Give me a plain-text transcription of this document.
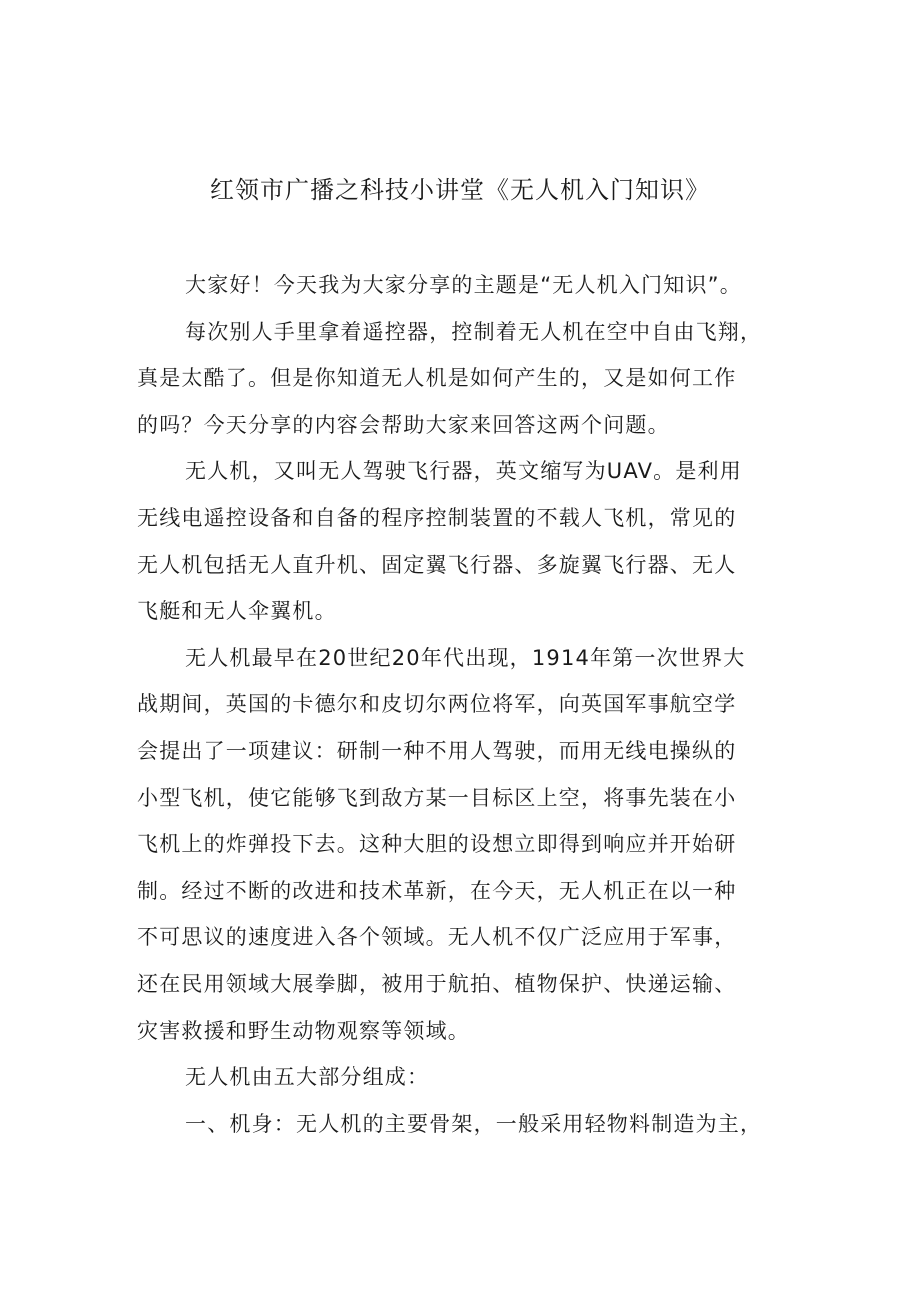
红领市广播之科技小讲堂《无人机入门知识》
大家好！今天我为大家分享的主题是“无人机入门知识”。
每次别人手里拿着遥控器，控制着无人机在空中自由飞翔，
真是太酷了。但是你知道无人机是如何产生的，又是如何工作
的吗？今天分享的内容会帮助大家来回答这两个问题。
无人机，又叫无人驾驶飞行器，英文缩写为UAV。是利用
无线电遥控设备和自备的程序控制装置的不载人飞机，常见的
无人机包括无人直升机、固定翼飞行器、多旋翼飞行器、无人
飞艇和无人伞翼机。
无人机最早在20世纪20年代出现，1914年第一次世界大
战期间，英国的卡德尔和皮切尔两位将军，向英国军事航空学
会提出了一项建议：研制一种不用人驾驶，而用无线电操纵的
小型飞机，使它能够飞到敌方某一目标区上空，将事先装在小
飞机上的炸弹投下去。这种大胆的设想立即得到响应并开始研
制。经过不断的改进和技术革新，在今天，无人机正在以一种
不可思议的速度进入各个领域。无人机不仅广泛应用于军事，
还在民用领域大展拳脚，被用于航拍、植物保护、快递运输、
灾害救援和野生动物观察等领域。
无人机由五大部分组成：
一、机身：无人机的主要骨架，一般采用轻物料制造为主，
